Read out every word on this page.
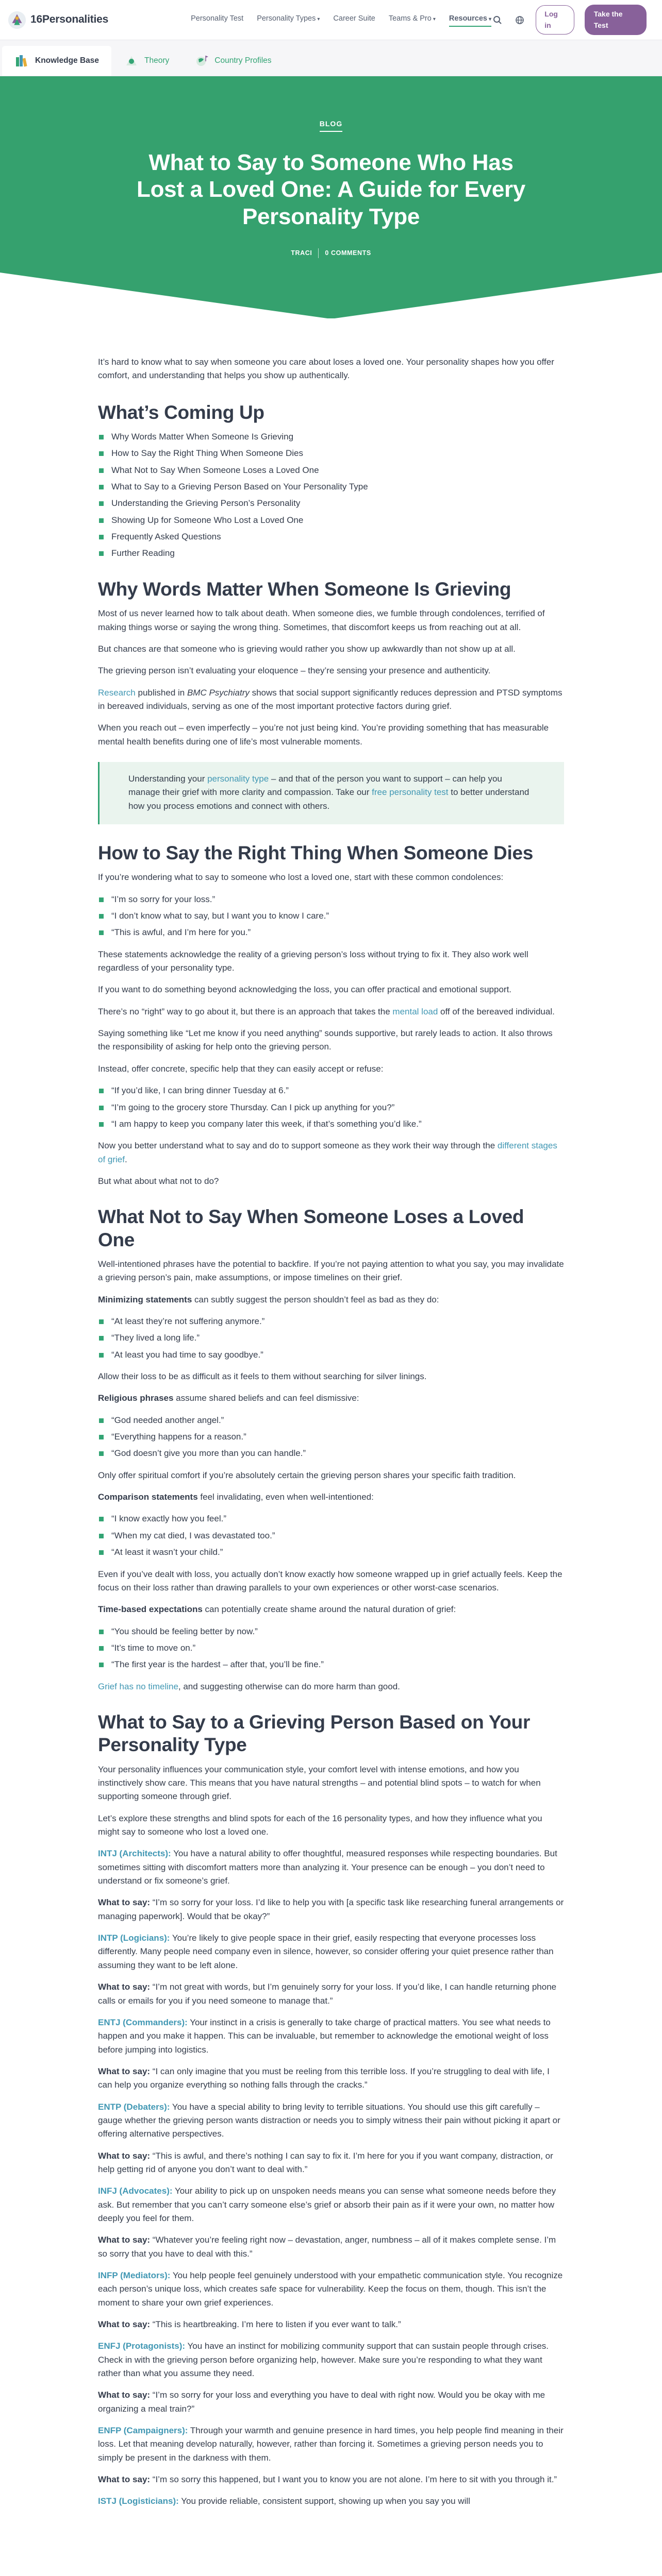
16Personalities	Personality Test Personality Types ▾ Career Suite Teams & Pro ▾ Resources ▾
Log in
Take the Test
Knowledge Base	Theory	Country Profiles
BLOG
What to Say to Someone Who Has Lost a Loved One: A Guide for Every Personality Type
TRACI	0 COMMENTS

It’s hard to know what to say when someone you care about loses a loved one. Your personality shapes how you offer comfort, and understanding that helps you show up authentically.

What’s Coming Up
Why Words Matter When Someone Is Grieving
How to Say the Right Thing When Someone Dies
What Not to Say When Someone Loses a Loved One
What to Say to a Grieving Person Based on Your Personality Type
Understanding the Grieving Person’s Personality
Showing Up for Someone Who Lost a Loved One
Frequently Asked Questions
Further Reading
Why Words Matter When Someone Is Grieving

Most of us never learned how to talk about death. When someone dies, we fumble through condolences, terrified of making things worse or saying the wrong thing. Sometimes, that discomfort keeps us from reaching out at all.

But chances are that someone who is grieving would rather you show up awkwardly than not show up at all.

The grieving person isn’t evaluating your eloquence – they’re sensing your presence and authenticity.

Research published in BMC Psychiatry shows that social support significantly reduces depression and PTSD symptoms in bereaved individuals, serving as one of the most important protective factors during grief.

When you reach out – even imperfectly – you’re not just being kind. You’re providing something that has measurable mental health benefits during one of life’s most vulnerable moments.

Understanding your personality type – and that of the person you want to support – can help you manage their grief with more clarity and compassion. Take our free personality test to better understand how you process emotions and connect with others.

How to Say the Right Thing When Someone Dies

If you’re wondering what to say to someone who lost a loved one, start with these common condolences:

“I’m so sorry for your loss.”
“I don’t know what to say, but I want you to know I care.”
“This is awful, and I’m here for you.”

These statements acknowledge the reality of a grieving person’s loss without trying to fix it. They also work well regardless of your personality type.

If you want to do something beyond acknowledging the loss, you can offer practical and emotional support.

There’s no “right” way to go about it, but there is an approach that takes the mental load off of the bereaved individual.

Saying something like “Let me know if you need anything” sounds supportive, but rarely leads to action. It also throws the responsibility of asking for help onto the grieving person.

Instead, offer concrete, specific help that they can easily accept or refuse:

“If you’d like, I can bring dinner Tuesday at 6.”
“I’m going to the grocery store Thursday. Can I pick up anything for you?”
“I am happy to keep you company later this week, if that’s something you’d like.”

Now you better understand what to say and do to support someone as they work their way through the different stages of grief.

But what about what not to do?

What Not to Say When Someone Loses a Loved One

Well-intentioned phrases have the potential to backfire. If you’re not paying attention to what you say, you may invalidate a grieving person’s pain, make assumptions, or impose timelines on their grief.

Minimizing statements can subtly suggest the person shouldn’t feel as bad as they do:

“At least they’re not suffering anymore.”
“They lived a long life.”
“At least you had time to say goodbye.”

Allow their loss to be as difficult as it feels to them without searching for silver linings.

Religious phrases assume shared beliefs and can feel dismissive:

“God needed another angel.”
“Everything happens for a reason.”
“God doesn’t give you more than you can handle.”

Only offer spiritual comfort if you’re absolutely certain the grieving person shares your specific faith tradition.

Comparison statements feel invalidating, even when well-intentioned:

“I know exactly how you feel.”
“When my cat died, I was devastated too.”
“At least it wasn’t your child.”

Even if you’ve dealt with loss, you actually don’t know exactly how someone wrapped up in grief actually feels. Keep the focus on their loss rather than drawing parallels to your own experiences or other worst-case scenarios.

Time-based expectations can potentially create shame around the natural duration of grief:

“You should be feeling better by now.”
“It’s time to move on.”
“The first year is the hardest – after that, you’ll be fine.”

Grief has no timeline, and suggesting otherwise can do more harm than good.

What to Say to a Grieving Person Based on Your Personality Type

Your personality influences your communication style, your comfort level with intense emotions, and how you instinctively show care. This means that you have natural strengths – and potential blind spots – to watch for when supporting someone through grief.

Let’s explore these strengths and blind spots for each of the 16 personality types, and how they influence what you might say to someone who lost a loved one.

INTJ (Architects): You have a natural ability to offer thoughtful, measured responses while respecting boundaries. But sometimes sitting with discomfort matters more than analyzing it. Your presence can be enough – you don’t need to understand or fix someone’s grief.

What to say: “I’m so sorry for your loss. I’d like to help you with [a specific task like researching funeral arrangements or managing paperwork]. Would that be okay?”

INTP (Logicians): You’re likely to give people space in their grief, easily respecting that everyone processes loss differently. Many people need company even in silence, however, so consider offering your quiet presence rather than assuming they want to be left alone.

What to say: “I’m not great with words, but I’m genuinely sorry for your loss. If you’d like, I can handle returning phone calls or emails for you if you need someone to manage that.”

ENTJ (Commanders): Your instinct in a crisis is generally to take charge of practical matters. You see what needs to happen and you make it happen. This can be invaluable, but remember to acknowledge the emotional weight of loss before jumping into logistics.

What to say: “I can only imagine that you must be reeling from this terrible loss. If you’re struggling to deal with life, I can help you organize everything so nothing falls through the cracks.”

ENTP (Debaters): You have a special ability to bring levity to terrible situations. You should use this gift carefully – gauge whether the grieving person wants distraction or needs you to simply witness their pain without picking it apart or offering alternative perspectives.

What to say: “This is awful, and there’s nothing I can say to fix it. I’m here for you if you want company, distraction, or help getting rid of anyone you don’t want to deal with.”

INFJ (Advocates): Your ability to pick up on unspoken needs means you can sense what someone needs before they ask. But remember that you can’t carry someone else’s grief or absorb their pain as if it were your own, no matter how deeply you feel for them.

What to say: “Whatever you’re feeling right now – devastation, anger, numbness – all of it makes complete sense. I’m so sorry that you have to deal with this.”

INFP (Mediators): You help people feel genuinely understood with your empathetic communication style. You recognize each person’s unique loss, which creates safe space for vulnerability. Keep the focus on them, though. This isn’t the moment to share your own grief experiences.

What to say: “This is heartbreaking. I’m here to listen if you ever want to talk.”

ENFJ (Protagonists): You have an instinct for mobilizing community support that can sustain people through crises. Check in with the grieving person before organizing help, however. Make sure you’re responding to what they want rather than what you assume they need.

What to say: “I’m so sorry for your loss and everything you have to deal with right now. Would you be okay with me organizing a meal train?”

ENFP (Campaigners): Through your warmth and genuine presence in hard times, you help people find meaning in their loss. Let that meaning develop naturally, however, rather than forcing it. Sometimes a grieving person needs you to simply be present in the darkness with them.

What to say: “I’m so sorry this happened, but I want you to know you are not alone. I’m here to sit with you through it.”

ISTJ (Logisticians): You provide reliable, consistent support, showing up when you say you will
